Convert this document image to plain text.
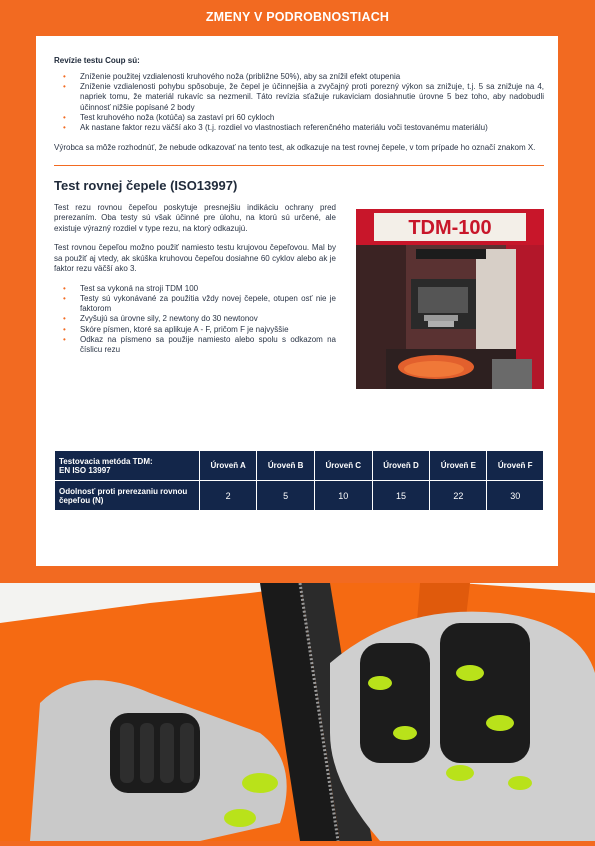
ZMENY V PODROBNOSTIACH
Revízie testu Coup sú:
• Zníženie použitej vzdialenosti kruhového noža (približne 50%), aby sa znížil efekt otupenia
• Zníženie vzdialenosti pohybu spôsobuje, že čepel je účinnejšia a zvyčajný proti porezný výkon sa znižuje, t.j. 5 sa znižuje na 4, napriek tomu, že materiál rukavíc sa nezmenil. Táto revízia sťažuje rukaviciam dosiahnutie úrovne 5 bez toho, aby nadobudli účinnosť nižšie popísané 2 body
• Test kruhového noža (kotúča) sa zastaví pri 60 cykloch
• Ak nastane faktor rezu väčší ako 3 (t.j. rozdiel vo vlastnostiach referenčného materiálu voči testovanému materiálu)
Výrobca sa môže rozhodnúť, že nebude odkazovať na tento test, ak odkazuje na test rovnej čepele, v tom prípade ho označí znakom X.
Test rovnej čepele (ISO13997)
Test rezu rovnou čepeľou poskytuje presnejšiu indikáciu ochrany pred prerezaním. Oba testy sú však účinné pre úlohu, na ktorú sú určené, ale existuje výrazný rozdiel v type rezu, na ktorý odkazujú.
Test rovnou čepeľou možno použiť namiesto testu krujovou čepeľovou. Mal by sa použiť aj vtedy, ak skúška kruhovou čepeľou dosiahne 60 cyklov alebo ak je faktor rezu väčší ako 3.
• Test sa vykoná na stroji TDM 100
• Testy sú vykonávané za použitia vždy novej čepele, otupen osť nie je faktorom
• Zvyšujú sa úrovne sily, 2 newtony do 30 newtonov
• Skóre písmen, ktoré sa aplikuje A - F, pričom F je najvyššie
• Odkaz na písmeno sa použije namiesto alebo spolu s odkazom na číslicu rezu
TDM-100
Testovacia metóda TDM:
EN ISO 13997	Úroveň A	Úroveň B	Úroveň C	Úroveň D	Úroveň E	Úroveň F
Odolnosť proti prerezaniu rovnou čepeľou (N)	2	5	10	15	22	30
